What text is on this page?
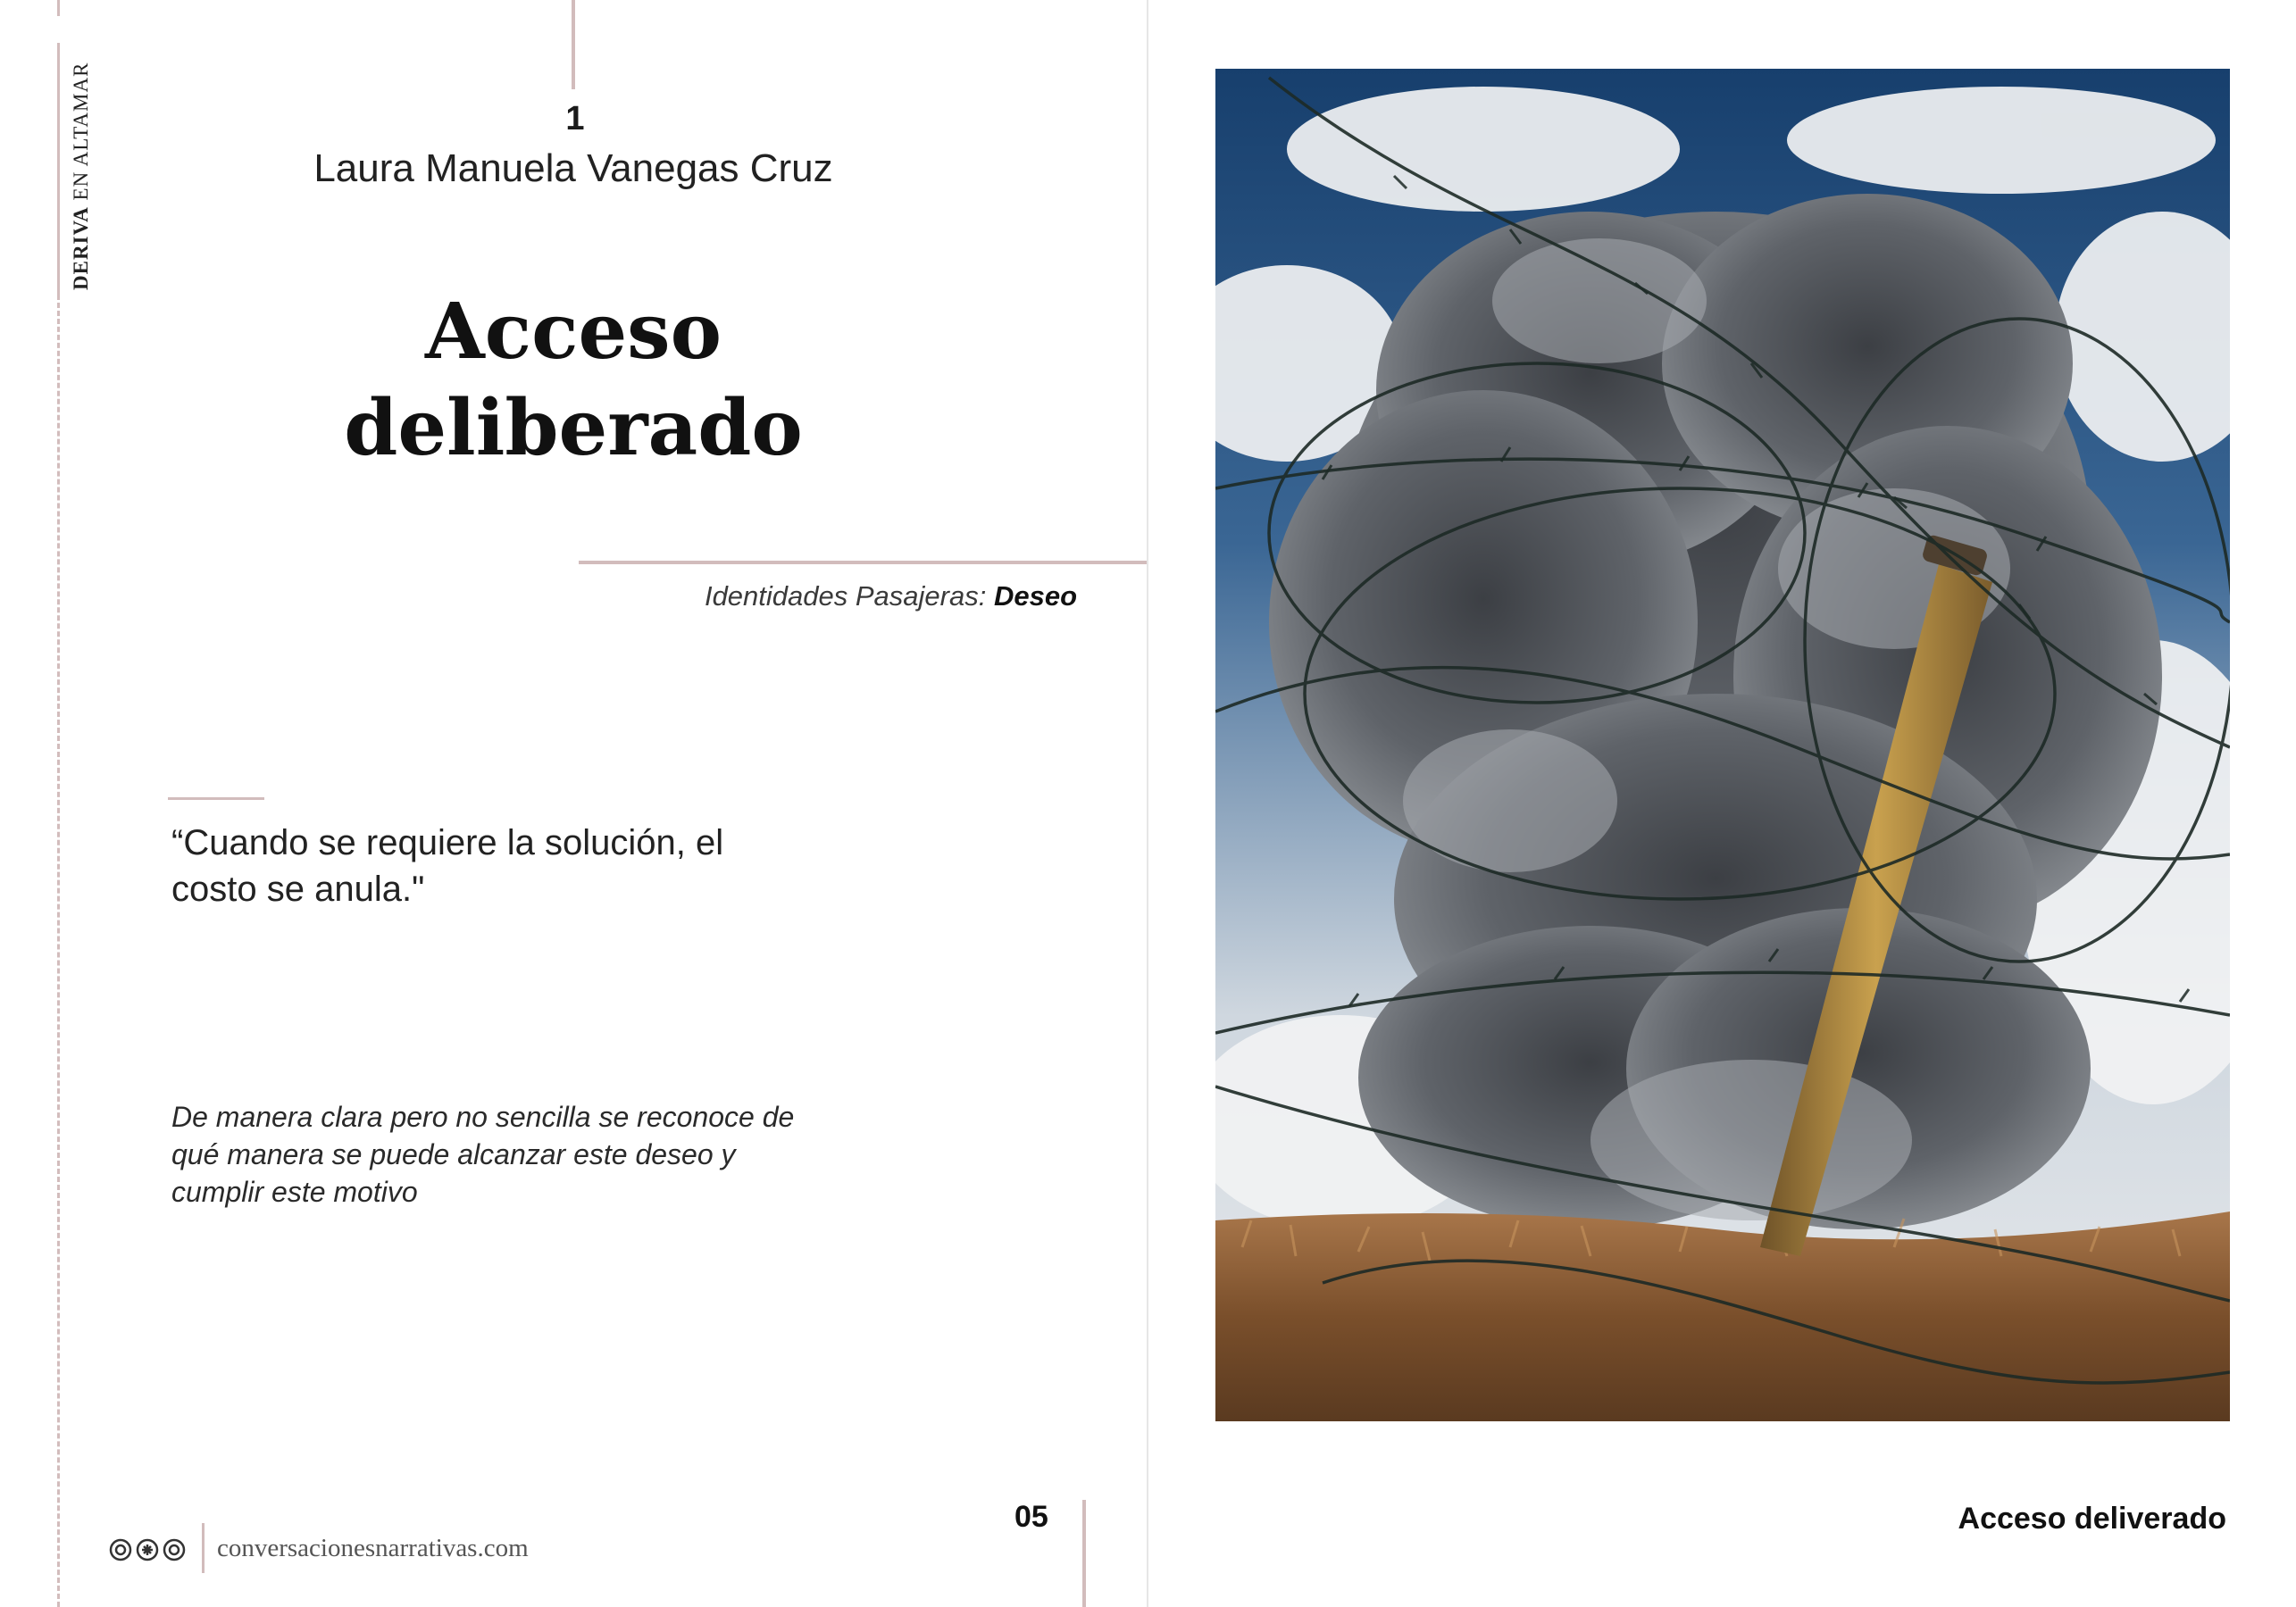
DERIVA EN ALTAMAR	1
Laura Manuela Vanegas Cruz
Acceso
deliberado
Identidades Pasajeras: Deseo
“Cuando se requiere la solución, el costo se anula."
De manera clara pero no sencilla se reconoce de qué manera se puede alcanzar este deseo y cumplir este motivo
05
conversacionesnarrativas.com
Acceso deliverado
